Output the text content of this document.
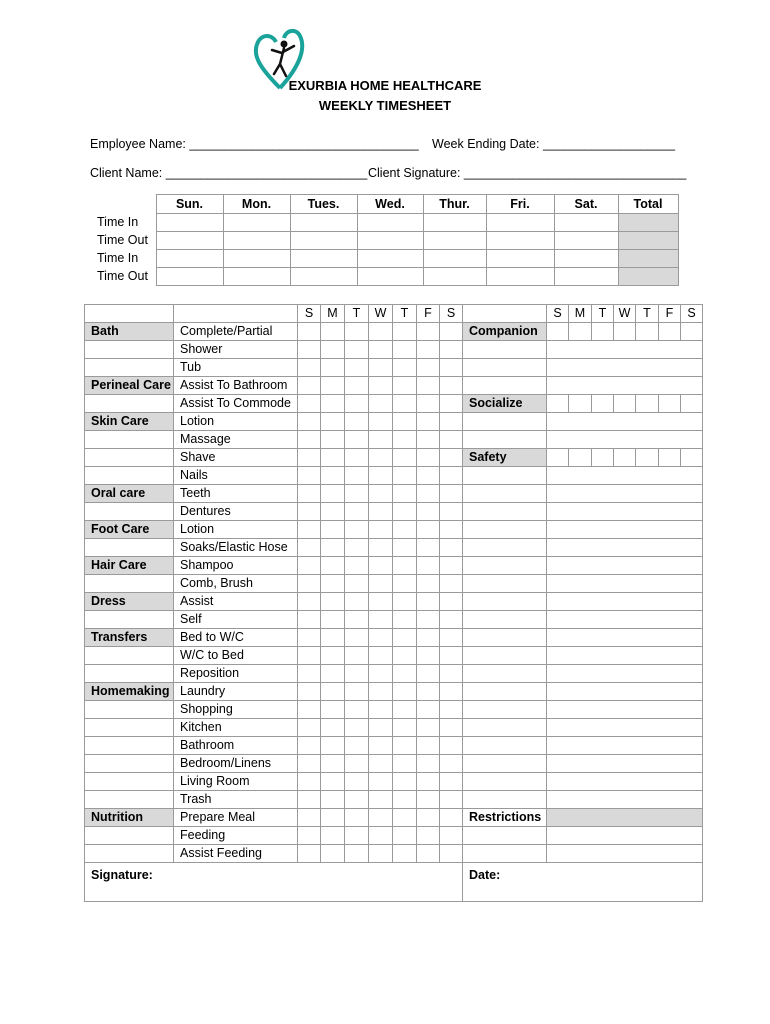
EXURBIA HOME HEALTHCARE
WEEKLY TIMESHEET
Employee Name: _________________________________ Week Ending Date: ___________________
Client Name: _____________________________ Client Signature: ________________________________
	Sun.	Mon.	Tues.	Wed.	Thur.	Fri.	Sat.	Total
Time In								
Time Out								
Time In								
Time Out								
		S	M	T	W	T	F	S		S	M	T	W	T	F	S
Bath	Complete/Partial								Companion							
	Shower															
	Tub															
Perineal Care	Assist To Bathroom															
	Assist To Commode								Socialize							
Skin Care	Lotion															
	Massage															
	Shave								Safety							
	Nails															
Oral care	Teeth															
	Dentures															
Foot Care	Lotion															
	Soaks/Elastic Hose															
Hair Care	Shampoo															
	Comb, Brush															
Dress	Assist															
	Self															
Transfers	Bed to W/C															
	W/C to Bed															
	Reposition															
Homemaking	Laundry															
	Shopping															
	Kitchen															
	Bathroom															
	Bedroom/Linens															
	Living Room															
	Trash															
Nutrition	Prepare Meal								Restrictions							
	Feeding															
	Assist Feeding															
Signature:									Date:							
